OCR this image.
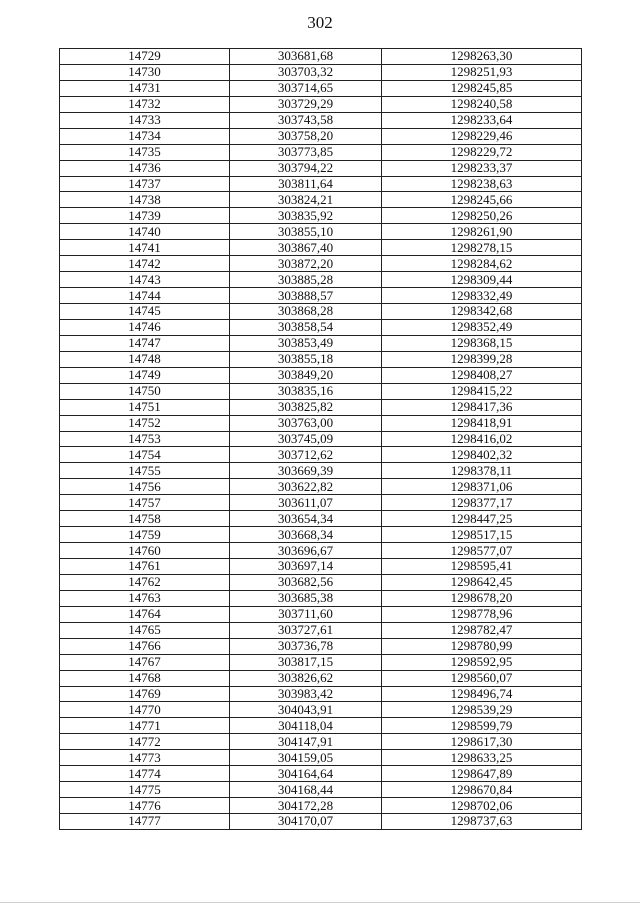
302
14729	303681,68	1298263,30
14730	303703,32	1298251,93
14731	303714,65	1298245,85
14732	303729,29	1298240,58
14733	303743,58	1298233,64
14734	303758,20	1298229,46
14735	303773,85	1298229,72
14736	303794,22	1298233,37
14737	303811,64	1298238,63
14738	303824,21	1298245,66
14739	303835,92	1298250,26
14740	303855,10	1298261,90
14741	303867,40	1298278,15
14742	303872,20	1298284,62
14743	303885,28	1298309,44
14744	303888,57	1298332,49
14745	303868,28	1298342,68
14746	303858,54	1298352,49
14747	303853,49	1298368,15
14748	303855,18	1298399,28
14749	303849,20	1298408,27
14750	303835,16	1298415,22
14751	303825,82	1298417,36
14752	303763,00	1298418,91
14753	303745,09	1298416,02
14754	303712,62	1298402,32
14755	303669,39	1298378,11
14756	303622,82	1298371,06
14757	303611,07	1298377,17
14758	303654,34	1298447,25
14759	303668,34	1298517,15
14760	303696,67	1298577,07
14761	303697,14	1298595,41
14762	303682,56	1298642,45
14763	303685,38	1298678,20
14764	303711,60	1298778,96
14765	303727,61	1298782,47
14766	303736,78	1298780,99
14767	303817,15	1298592,95
14768	303826,62	1298560,07
14769	303983,42	1298496,74
14770	304043,91	1298539,29
14771	304118,04	1298599,79
14772	304147,91	1298617,30
14773	304159,05	1298633,25
14774	304164,64	1298647,89
14775	304168,44	1298670,84
14776	304172,28	1298702,06
14777	304170,07	1298737,63
